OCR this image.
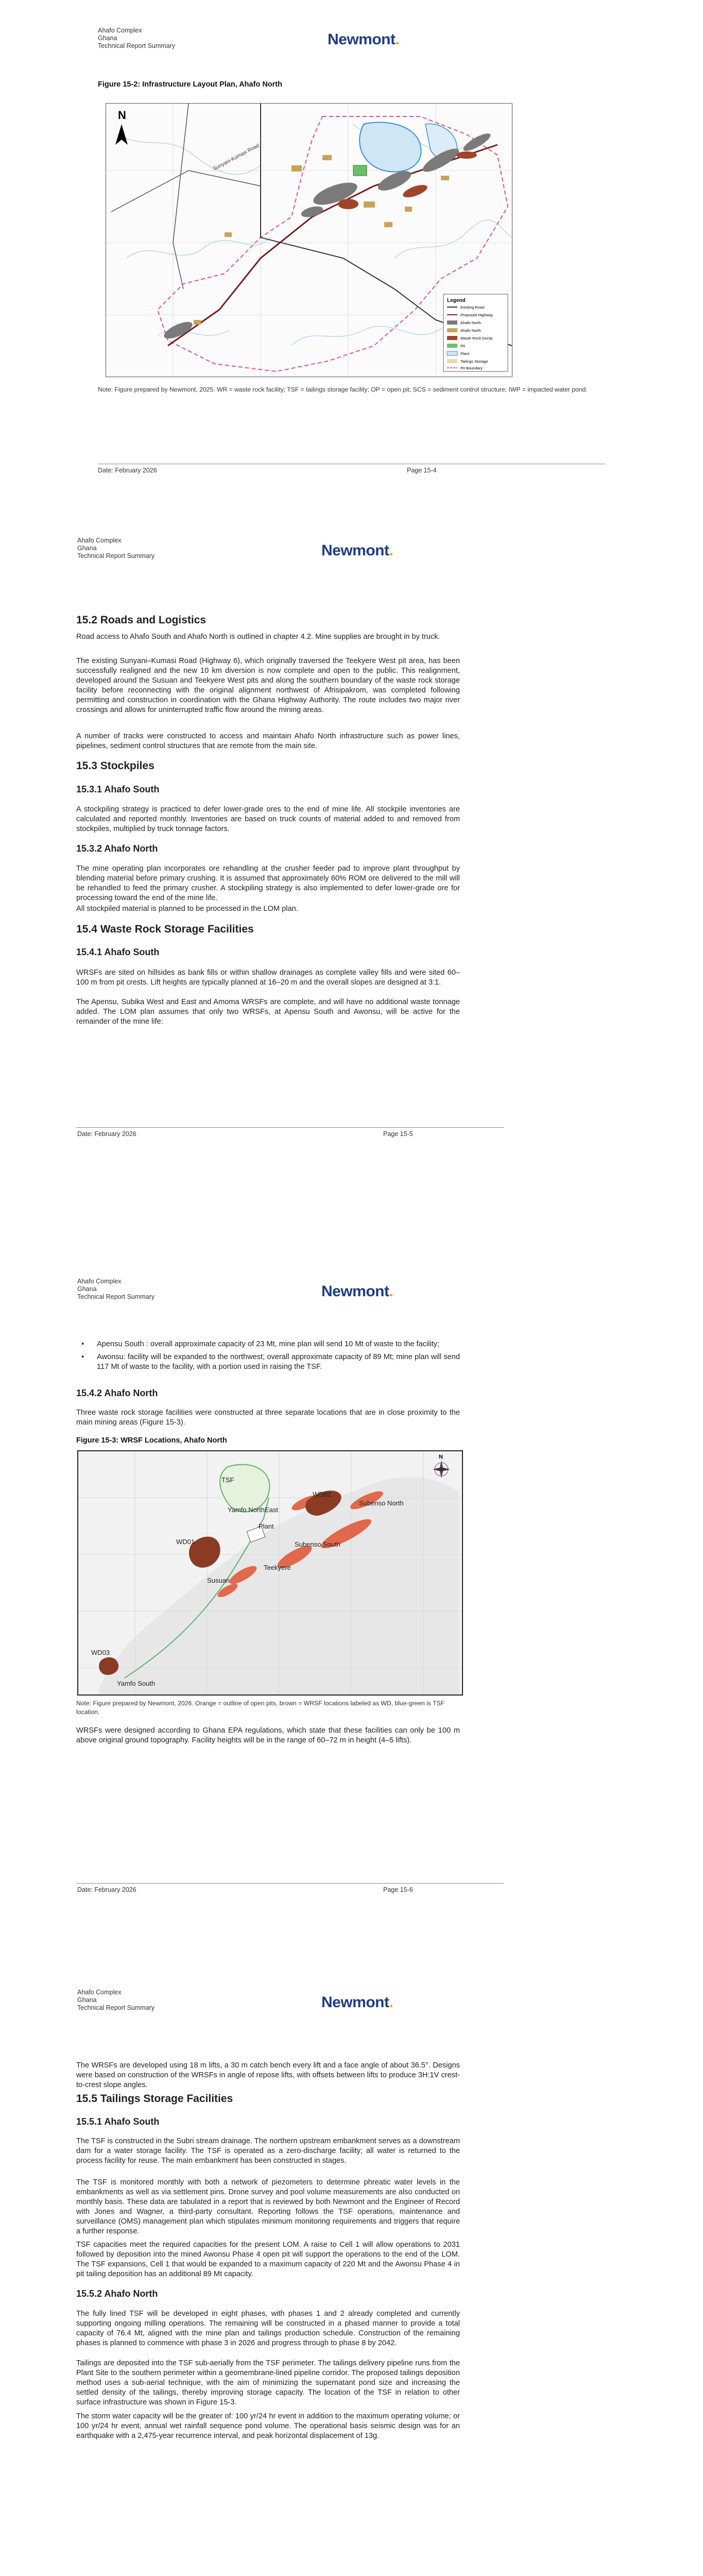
Ahafo Complex
Ghana
Technical Report Summary	Newmont.
Figure 15-2: Infrastructure Layout Plan, Ahafo North
N
Sunyani-Kumasi Road
Legend
Existing Road
Proposed Highway
Ahafo North
Ahafo North
Waste Rock Dump
Pit
Plant
Tailings Storage
Pit Boundary
Note: Figure prepared by Newmont, 2025. WR = waste rock facility; TSF = tailings storage facility; OP = open pit; SCS = sediment control structure; IWP = impacted water pond.
Date: February 2026	Page 15-4
Ahafo Complex
Ghana
Technical Report Summary	Newmont.
15.2 Roads and Logistics

Road access to Ahafo South and Ahafo North is outlined in chapter 4.2. Mine supplies are brought in by truck.

The existing Sunyani–Kumasi Road (Highway 6), which originally traversed the Teekyere West pit area, has been successfully realigned and the new 10 km diversion is now complete and open to the public. This realignment, developed around the Susuan and Teekyere West pits and along the southern boundary of the waste rock storage facility before reconnecting with the original alignment northwest of Afrisipakrom, was completed following permitting and construction in coordination with the Ghana Highway Authority. The route includes two major river crossings and allows for uninterrupted traffic flow around the mining areas.

A number of tracks were constructed to access and maintain Ahafo North infrastructure such as power lines, pipelines, sediment control structures that are remote from the main site.

15.3 Stockpiles
15.3.1 Ahafo South

A stockpiling strategy is practiced to defer lower-grade ores to the end of mine life. All stockpile inventories are calculated and reported monthly. Inventories are based on truck counts of material added to and removed from stockpiles, multiplied by truck tonnage factors.

15.3.2 Ahafo North

The mine operating plan incorporates ore rehandling at the crusher feeder pad to improve plant throughput by blending material before primary crushing. It is assumed that approximately 60% ROM ore delivered to the mill will be rehandled to feed the primary crusher. A stockpiling strategy is also implemented to defer lower-grade ore for processing toward the end of the mine life.

All stockpiled material is planned to be processed in the LOM plan.

15.4 Waste Rock Storage Facilities
15.4.1 Ahafo South

WRSFs are sited on hillsides as bank fills or within shallow drainages as complete valley fills and were sited 60–100 m from pit crests. Lift heights are typically planned at 16–20 m and the overall slopes are designed at 3:1.

The Apensu, Subika West and East and Amoma WRSFs are complete, and will have no additional waste tonnage added. The LOM plan assumes that only two WRSFs, at Apensu South and Awonsu, will be active for the remainder of the mine life:

Date: February 2026	Page 15-5
Ahafo Complex
Ghana
Technical Report Summary	Newmont.
• Apensu South : overall approximate capacity of 23 Mt, mine plan will send 10 Mt of waste to the facility;
• Awonsu: facility will be expanded to the northwest; overall approximate capacity of 89 Mt; mine plan will send 117 Mt of waste to the facility, with a portion used in raising the TSF.
15.4.2 Ahafo North

Three waste rock storage facilities were constructed at three separate locations that are in close proximity to the main mining areas (Figure 15-3).

Figure 15-3: WRSF Locations, Ahafo North
TSF
Yamfo NorthEast
WD02
Subenso North
Plant
WD01	Subenso South
Teekyere
Susuan
WD03
Yamfo South
N
Note: Figure prepared by Newmont, 2026. Orange = outline of open pits, brown = WRSF locations labeled as WD, blue-green is TSF location.

WRSFs were designed according to Ghana EPA regulations, which state that these facilities can only be 100 m above original ground topography. Facility heights will be in the range of 60–72 m in height (4–5 lifts).

Date: February 2026	Page 15-6
Ahafo Complex
Ghana
Technical Report Summary	Newmont.

The WRSFs are developed using 18 m lifts, a 30 m catch bench every lift and a face angle of about 36.5°. Designs were based on construction of the WRSFs in angle of repose lifts, with offsets between lifts to produce 3H:1V crest-to-crest slope angles.

15.5 Tailings Storage Facilities
15.5.1 Ahafo South

The TSF is constructed in the Subri stream drainage. The northern upstream embankment serves as a downstream dam for a water storage facility. The TSF is operated as a zero-discharge facility; all water is returned to the process facility for reuse. The main embankment has been constructed in stages.

The TSF is monitored monthly with both a network of piezometers to determine phreatic water levels in the embankments as well as via settlement pins. Drone survey and pool volume measurements are also conducted on monthly basis. These data are tabulated in a report that is reviewed by both Newmont and the Engineer of Record with Jones and Wagner, a third-party consultant. Reporting follows the TSF operations, maintenance and surveillance (OMS) management plan which stipulates minimum monitoring requirements and triggers that require a further response.

TSF capacities meet the required capacities for the present LOM. A raise to Cell 1 will allow operations to 2031 followed by deposition into the mined Awonsu Phase 4 open pit will support the operations to the end of the LOM. The TSF expansions, Cell 1 that would be expanded to a maximum capacity of 220 Mt and the Awonsu Phase 4 in pit tailing deposition has an additional 89 Mt capacity.

15.5.2 Ahafo North

The fully lined TSF will be developed in eight phases, with phases 1 and 2 already completed and currently supporting ongoing milling operations. The remaining will be constructed in a phased manner to provide a total capacity of 76.4 Mt, aligned with the mine plan and tailings production schedule. Construction of the remaining phases is planned to commence with phase 3 in 2026 and progress through to phase 8 by 2042.

Tailings are deposited into the TSF sub-aerially from the TSF perimeter. The tailings delivery pipeline runs from the Plant Site to the southern perimeter within a geomembrane-lined pipeline corridor. The proposed tailings deposition method uses a sub-aerial technique, with the aim of minimizing the supernatant pond size and increasing the settled density of the tailings, thereby improving storage capacity. The location of the TSF in relation to other surface infrastructure was shown in Figure 15-3.

The storm water capacity will be the greater of: 100 yr/24 hr event in addition to the maximum operating volume; or 100 yr/24 hr event, annual wet rainfall sequence pond volume. The operational basis seismic design was for an earthquake with a 2,475-year recurrence interval, and peak horizontal displacement of 13g.
